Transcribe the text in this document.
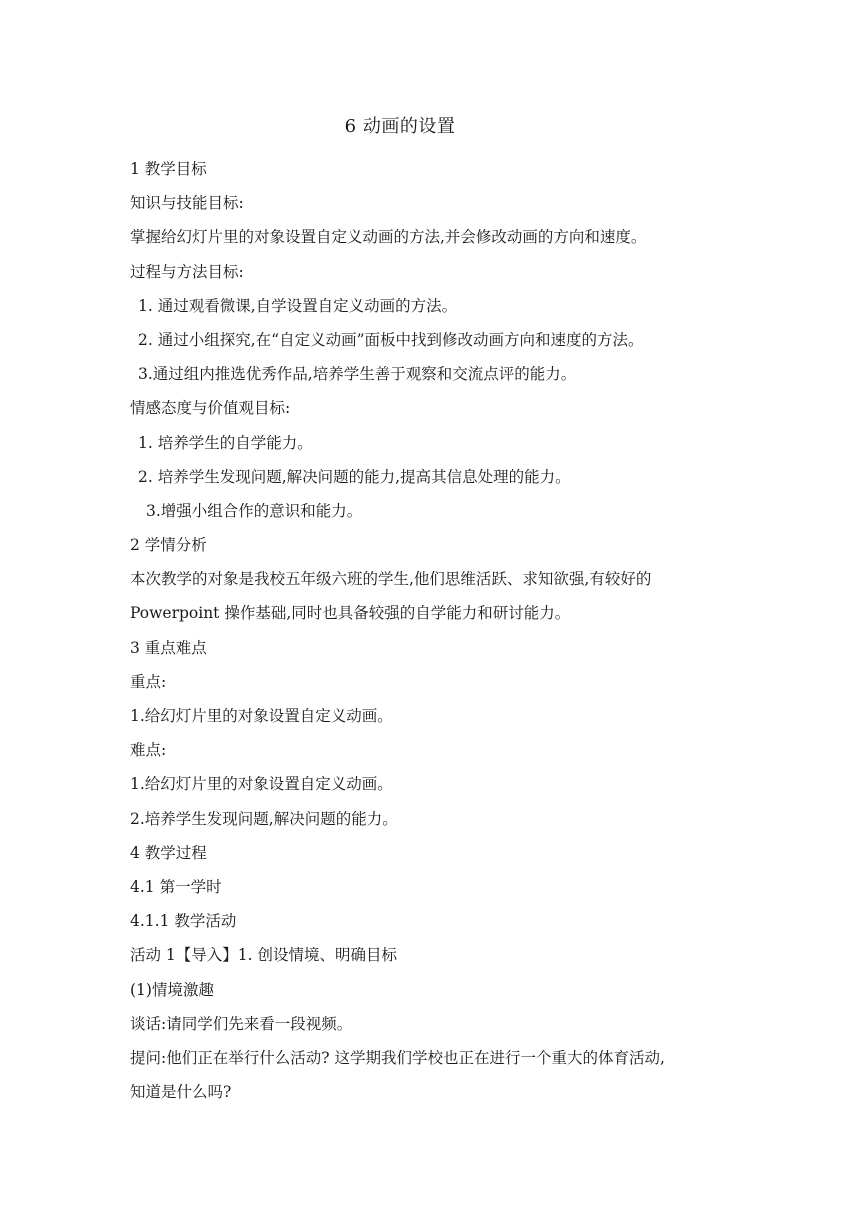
6 动画的设置
1 教学目标
知识与技能目标:
掌握给幻灯片里的对象设置自定义动画的方法,并会修改动画的方向和速度。
过程与方法目标:
1. 通过观看微课,自学设置自定义动画的方法。
2. 通过小组探究,在“自定义动画”面板中找到修改动画方向和速度的方法。
3.通过组内推选优秀作品,培养学生善于观察和交流点评的能力。
情感态度与价值观目标:
1. 培养学生的自学能力。
2. 培养学生发现问题,解决问题的能力,提高其信息处理的能力。
3.增强小组合作的意识和能力。
2 学情分析
本次教学的对象是我校五年级六班的学生,他们思维活跃、求知欲强,有较好的
Powerpoint 操作基础,同时也具备较强的自学能力和研讨能力。
3 重点难点
重点:
1.给幻灯片里的对象设置自定义动画。
难点:
1.给幻灯片里的对象设置自定义动画。
2.培养学生发现问题,解决问题的能力。
4 教学过程
4.1 第一学时
4.1.1 教学活动
活动 1【导入】1. 创设情境、明确目标
(1)情境激趣
谈话:请同学们先来看一段视频。
提问:他们正在举行什么活动? 这学期我们学校也正在进行一个重大的体育活动,
知道是什么吗?
